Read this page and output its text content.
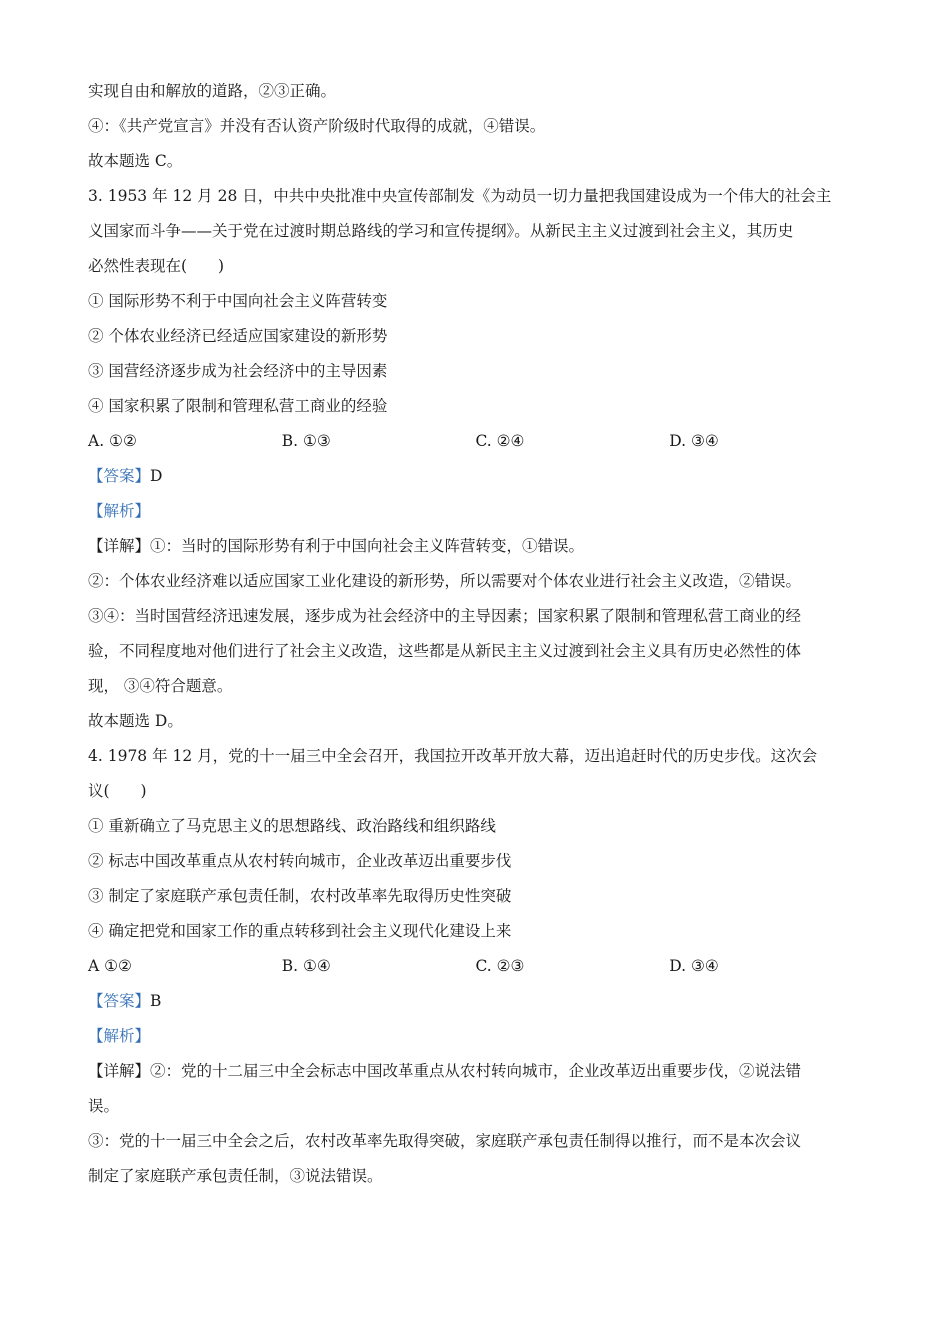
实现自由和解放的道路，②③正确。
④：《共产党宣言》并没有否认资产阶级时代取得的成就，④错误。
故本题选 C。
3. 1953 年 12 月 28 日，中共中央批准中央宣传部制发《为动员一切力量把我国建设成为一个伟大的社会主
义国家而斗争——关于党在过渡时期总路线的学习和宣传提纲》。从新民主主义过渡到社会主义，其历史
必然性表现在(　　)
① 国际形势不利于中国向社会主义阵营转变
② 个体农业经济已经适应国家建设的新形势
③ 国营经济逐步成为社会经济中的主导因素
④ 国家积累了限制和管理私营工商业的经验
A. ①②	B. ①③	C. ②④	D. ③④
【答案】D
【解析】
【详解】①：当时的国际形势有利于中国向社会主义阵营转变，①错误。
②：个体农业经济难以适应国家工业化建设的新形势，所以需要对个体农业进行社会主义改造，②错误。
③④：当时国营经济迅速发展，逐步成为社会经济中的主导因素；国家积累了限制和管理私营工商业的经
验，不同程度地对他们进行了社会主义改造，这些都是从新民主主义过渡到社会主义具有历史必然性的体
现， ③④符合题意。
故本题选 D。
4. 1978 年 12 月，党的十一届三中全会召开，我国拉开改革开放大幕，迈出追赶时代的历史步伐。这次会
议(　　)
① 重新确立了马克思主义的思想路线、政治路线和组织路线
② 标志中国改革重点从农村转向城市，企业改革迈出重要步伐
③ 制定了家庭联产承包责任制，农村改革率先取得历史性突破
④ 确定把党和国家工作的重点转移到社会主义现代化建设上来
A ①②	B. ①④	C. ②③	D. ③④
【答案】B
【解析】
【详解】②：党的十二届三中全会标志中国改革重点从农村转向城市，企业改革迈出重要步伐，②说法错
误。
③：党的十一届三中全会之后，农村改革率先取得突破，家庭联产承包责任制得以推行，而不是本次会议
制定了家庭联产承包责任制，③说法错误。
